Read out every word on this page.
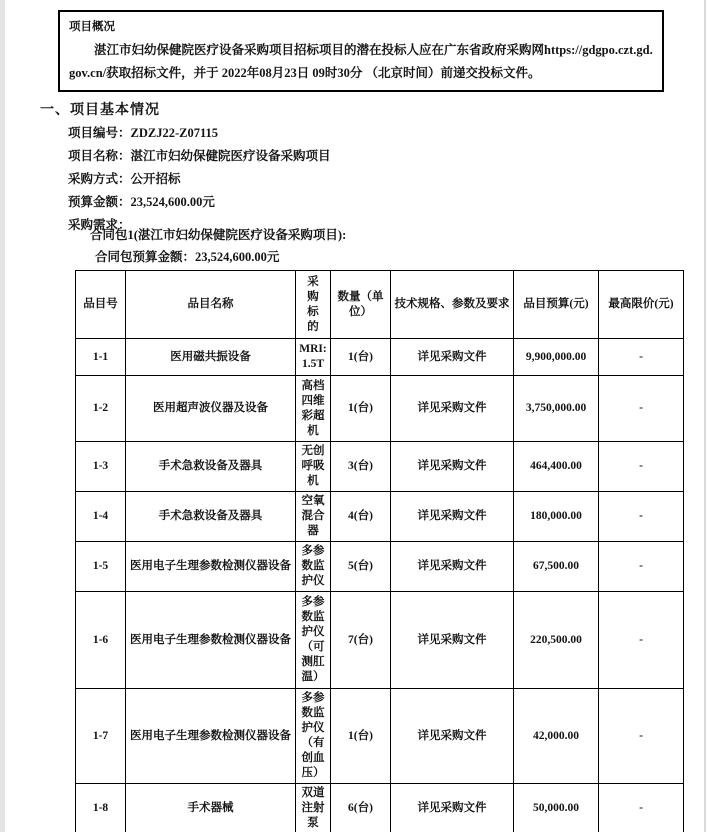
项目概况
湛江市妇幼保健院医疗设备采购项目招标项目的潜在投标人应在广东省政府采购网https://gdgpo.czt.gd.gov.cn/获取招标文件，并于 2022年08月23日 09时30分 （北京时间）前递交投标文件。
一、项目基本情况
项目编号：ZDZJ22-Z07115
项目名称：湛江市妇幼保健院医疗设备采购项目
采购方式：公开招标
预算金额：23,524,600.00元
采购需求：
合同包1(湛江市妇幼保健院医疗设备采购项目):
合同包预算金额：23,524,600.00元
品目号	品目名称	采购标的	数量（单位）	技术规格、参数及要求	品目预算(元)	最高限价(元)
1-1	医用磁共振设备	MRI: 1.5T	1(台)	详见采购文件	9,900,000.00	-
1-2	医用超声波仪器及设备	高档四维彩超机	1(台)	详见采购文件	3,750,000.00	-
1-3	手术急救设备及器具	无创呼吸机	3(台)	详见采购文件	464,400.00	-
1-4	手术急救设备及器具	空氧混合器	4(台)	详见采购文件	180,000.00	-
1-5	医用电子生理参数检测仪器设备	多参数监护仪	5(台)	详见采购文件	67,500.00	-
1-6	医用电子生理参数检测仪器设备	多参数监护仪（可测肛温）	7(台)	详见采购文件	220,500.00	-
1-7	医用电子生理参数检测仪器设备	多参数监护仪（有创血压）	1(台)	详见采购文件	42,000.00	-
1-8	手术器械	双道注射泵	6(台)	详见采购文件	50,000.00	-
